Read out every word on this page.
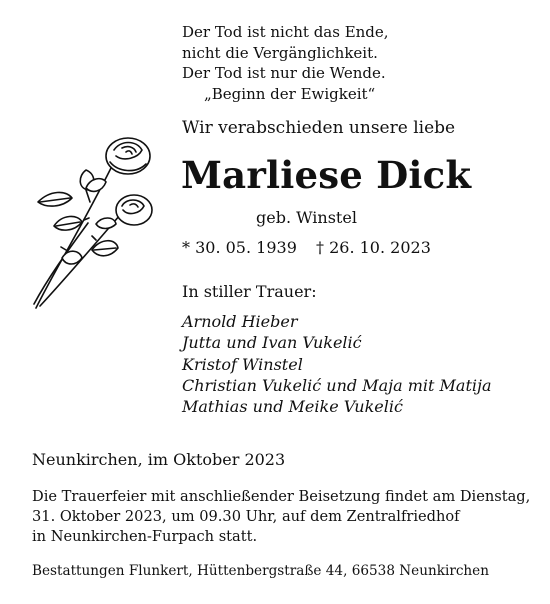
Der Tod ist nicht das Ende,
nicht die Vergänglichkeit.
Der Tod ist nur die Wende.
„Beginn der Ewigkeit“
Wir verabschieden unsere liebe
Marliese Dick
geb. Winstel
* 30. 05. 1939 † 26. 10. 2023
In stiller Trauer:
Arnold Hieber
Jutta und Ivan Vukelić
Kristof Winstel
Christian Vukelić und Maja mit Matija
Mathias und Meike Vukelić
Neunkirchen, im Oktober 2023
Die Trauerfeier mit anschließender Beisetzung findet am Dienstag,
31. Oktober 2023, um 09.30 Uhr, auf dem Zentralfriedhof
in Neunkirchen-Furpach statt.
Bestattungen Flunkert, Hüttenbergstraße 44, 66538 Neunkirchen
